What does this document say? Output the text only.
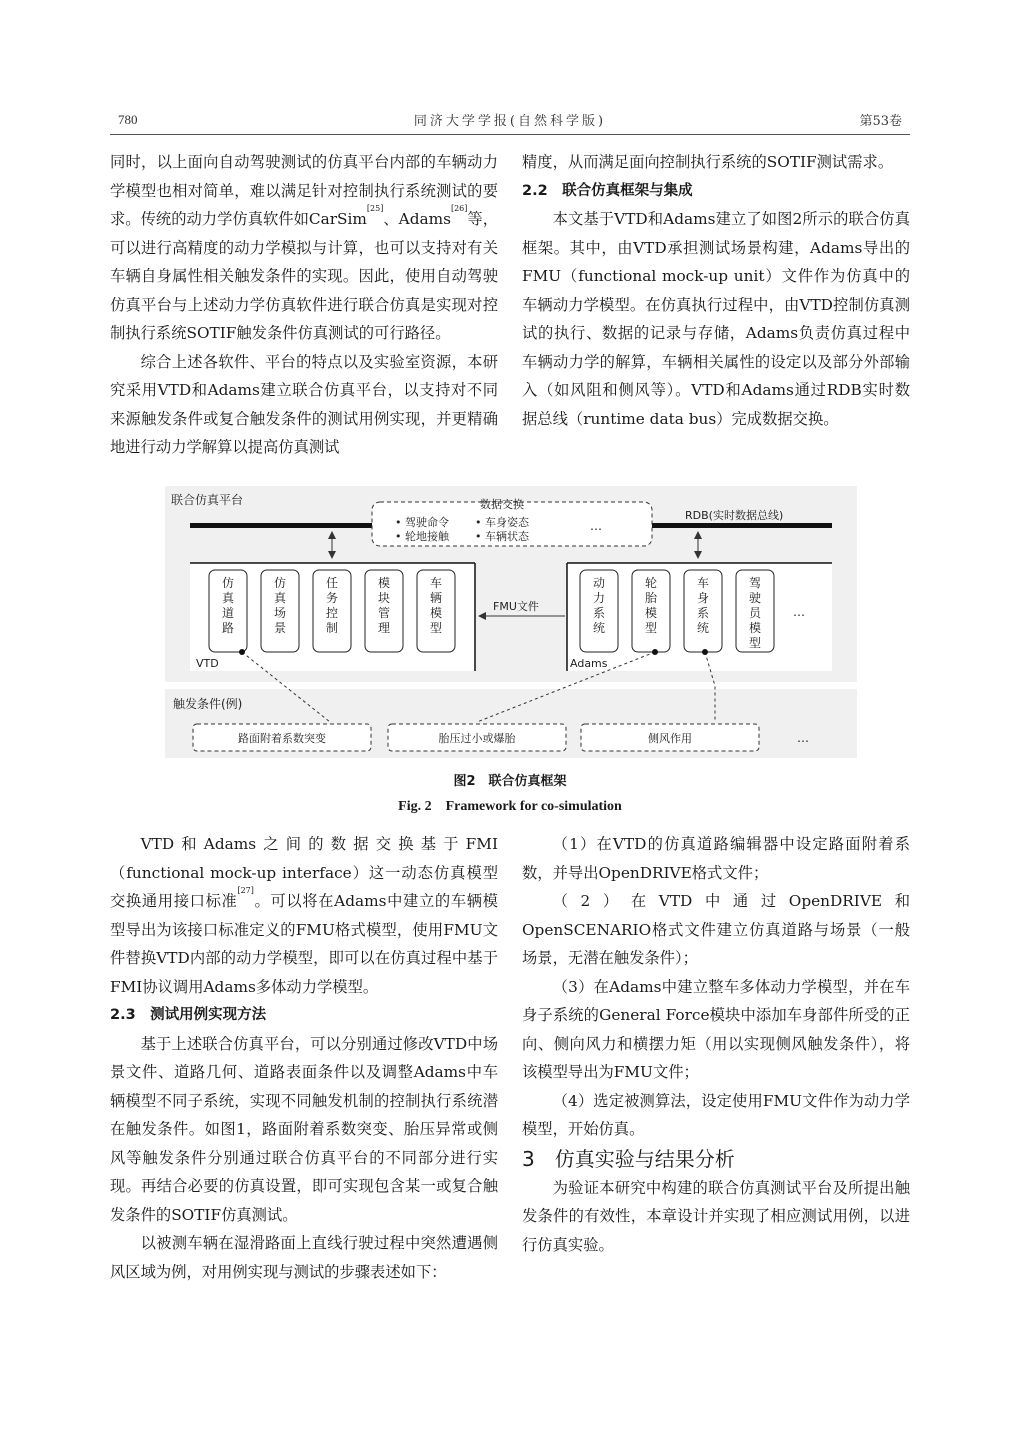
780	同济大学学报(自然科学版)	第53卷

同时，以上面向自动驾驶测试的仿真平台内部的车辆动力学模型也相对简单，难以满足针对控制执行系统测试的要求。传统的动力学仿真软件如CarSim[25]、Adams[26]等，可以进行高精度的动力学模拟与计算，也可以支持对有关车辆自身属性相关触发条件的实现。因此，使用自动驾驶仿真平台与上述动力学仿真软件进行联合仿真是实现对控制执行系统SOTIF触发条件仿真测试的可行路径。

综合上述各软件、平台的特点以及实验室资源，本研究采用VTD和Adams建立联合仿真平台，以支持对不同来源触发条件或复合触发条件的测试用例实现，并更精确地进行动力学解算以提高仿真测试

精度，从而满足面向控制执行系统的SOTIF测试需求。

2.2　联合仿真框架与集成

本文基于VTD和Adams建立了如图2所示的联合仿真框架。其中，由VTD承担测试场景构建，Adams导出的FMU（functional mock-up unit）文件作为仿真中的车辆动力学模型。在仿真执行过程中，由VTD控制仿真测试的执行、数据的记录与存储，Adams负责仿真过程中车辆动力学的解算，车辆相关属性的设定以及部分外部输入（如风阻和侧风等）。VTD和Adams通过RDB实时数据总线（runtime data bus）完成数据交换。

联合仿真平台
RDB(实时数据总线)
数据交换
• 驾驶命令 • 车身姿态
• 轮地接触 • 车辆状态
…
VTD
仿真道路
仿真场景
任务控制
模块管理
车辆模型
FMU文件
Adams
动力系统
轮胎模型
车身系统
驾驶员模型
…
触发条件(例)
路面附着系数突变	胎压过小或爆胎	侧风作用	…
图2　联合仿真框架
Fig. 2　Framework for co-simulation

VTD和Adams之间的数据交换基于FMI（functional mock-up interface）这一动态仿真模型交换通用接口标准[27]。可以将在Adams中建立的车辆模型导出为该接口标准定义的FMU格式模型，使用FMU文件替换VTD内部的动力学模型，即可以在仿真过程中基于FMI协议调用Adams多体动力学模型。

2.3　测试用例实现方法

基于上述联合仿真平台，可以分别通过修改VTD中场景文件、道路几何、道路表面条件以及调整Adams中车辆模型不同子系统，实现不同触发机制的控制执行系统潜在触发条件。如图1，路面附着系数突变、胎压异常或侧风等触发条件分别通过联合仿真平台的不同部分进行实现。再结合必要的仿真设置，即可实现包含某一或复合触发条件的SOTIF仿真测试。

以被测车辆在湿滑路面上直线行驶过程中突然遭遇侧风区域为例，对用例实现与测试的步骤表述如下：

（1）在VTD的仿真道路编辑器中设定路面附着系数，并导出OpenDRIVE格式文件；

（2）在VTD中通过OpenDRIVE和OpenSCENARIO格式文件建立仿真道路与场景（一般场景，无潜在触发条件）；

（3）在Adams中建立整车多体动力学模型，并在车身子系统的General Force模块中添加车身部件所受的正向、侧向风力和横摆力矩（用以实现侧风触发条件），将该模型导出为FMU文件；

（4）选定被测算法，设定使用FMU文件作为动力学模型，开始仿真。

3　仿真实验与结果分析

为验证本研究中构建的联合仿真测试平台及所提出触发条件的有效性，本章设计并实现了相应测试用例，以进行仿真实验。
